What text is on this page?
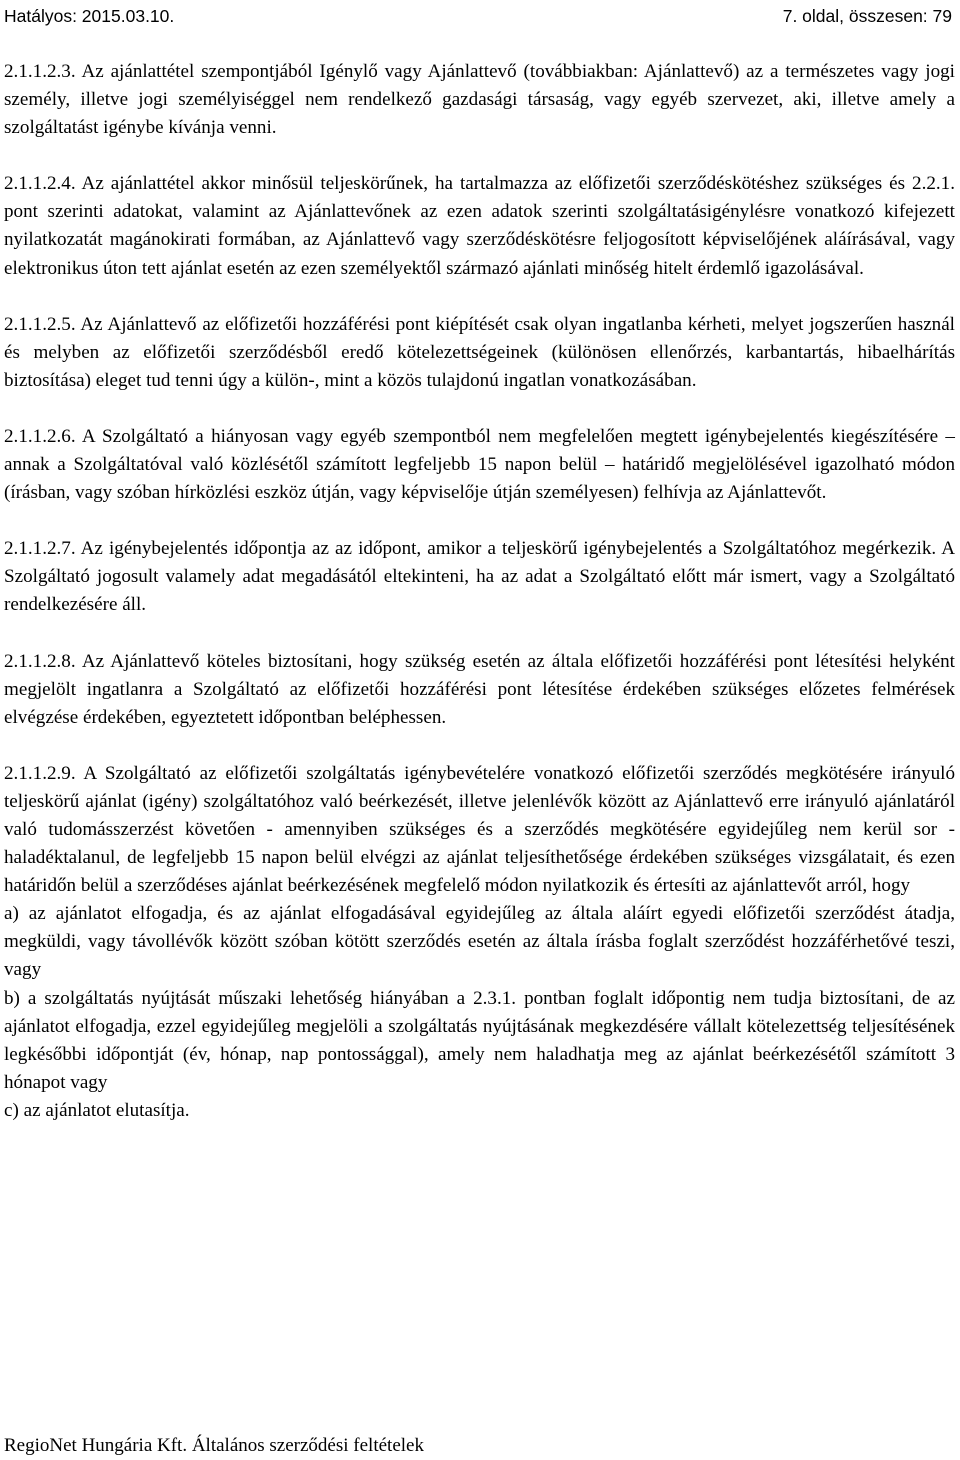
Hatályos: 2015.03.10.	7. oldal, összesen: 79

2.1.1.2.3. Az ajánlattétel szempontjából Igénylő vagy Ajánlattevő (továbbiakban: Ajánlattevő) az a természetes vagy jogi személy, illetve jogi személyiséggel nem rendelkező gazdasági társaság, vagy egyéb szervezet, aki, illetve amely a szolgáltatást igénybe kívánja venni.

2.1.1.2.4. Az ajánlattétel akkor minősül teljeskörűnek, ha tartalmazza az előfizetői szerződéskötéshez szükséges és 2.2.1. pont szerinti adatokat, valamint az Ajánlattevőnek az ezen adatok szerinti szolgáltatásigénylésre vonatkozó kifejezett nyilatkozatát magánokirati formában, az Ajánlattevő vagy szerződéskötésre feljogosított képviselőjének aláírásával, vagy elektronikus úton tett ajánlat esetén az ezen személyektől származó ajánlati minőség hitelt érdemlő igazolásával.

2.1.1.2.5. Az Ajánlattevő az előfizetői hozzáférési pont kiépítését csak olyan ingatlanba kérheti, melyet jogszerűen használ és melyben az előfizetői szerződésből eredő kötelezettségeinek (különösen ellenőrzés, karbantartás, hibaelhárítás biztosítása) eleget tud tenni úgy a külön-, mint a közös tulajdonú ingatlan vonatkozásában.

2.1.1.2.6. A Szolgáltató a hiányosan vagy egyéb szempontból nem megfelelően megtett igénybejelentés kiegészítésére – annak a Szolgáltatóval való közlésétől számított legfeljebb 15 napon belül – határidő megjelölésével igazolható módon (írásban, vagy szóban hírközlési eszköz útján, vagy képviselője útján személyesen) felhívja az Ajánlattevőt.

2.1.1.2.7. Az igénybejelentés időpontja az az időpont, amikor a teljeskörű igénybejelentés a Szolgáltatóhoz megérkezik. A Szolgáltató jogosult valamely adat megadásától eltekinteni, ha az adat a Szolgáltató előtt már ismert, vagy a Szolgáltató rendelkezésére áll.

2.1.1.2.8. Az Ajánlattevő köteles biztosítani, hogy szükség esetén az általa előfizetői hozzáférési pont létesítési helyként megjelölt ingatlanra a Szolgáltató az előfizetői hozzáférési pont létesítése érdekében szükséges előzetes felmérések elvégzése érdekében, egyeztetett időpontban beléphessen.

2.1.1.2.9. A Szolgáltató az előfizetői szolgáltatás igénybevételére vonatkozó előfizetői szerződés megkötésére irányuló teljeskörű ajánlat (igény) szolgáltatóhoz való beérkezését, illetve jelenlévők között az Ajánlattevő erre irányuló ajánlatáról való tudomásszerzést követően - amennyiben szükséges és a szerződés megkötésére egyidejűleg nem kerül sor - haladéktalanul, de legfeljebb 15 napon belül elvégzi az ajánlat teljesíthetősége érdekében szükséges vizsgálatait, és ezen határidőn belül a szerződéses ajánlat beérkezésének megfelelő módon nyilatkozik és értesíti az ajánlattevőt arról, hogy

a) az ajánlatot elfogadja, és az ajánlat elfogadásával egyidejűleg az általa aláírt egyedi előfizetői szerződést átadja, megküldi, vagy távollévők között szóban kötött szerződés esetén az általa írásba foglalt szerződést hozzáférhetővé teszi, vagy

b) a szolgáltatás nyújtását műszaki lehetőség hiányában a 2.3.1. pontban foglalt időpontig nem tudja biztosítani, de az ajánlatot elfogadja, ezzel egyidejűleg megjelöli a szolgáltatás nyújtásának megkezdésére vállalt kötelezettség teljesítésének legkésőbbi időpontját (év, hónap, nap pontossággal), amely nem haladhatja meg az ajánlat beérkezésétől számított 3 hónapot vagy

c) az ajánlatot elutasítja.

RegioNet Hungária Kft. Általános szerződési feltételek
